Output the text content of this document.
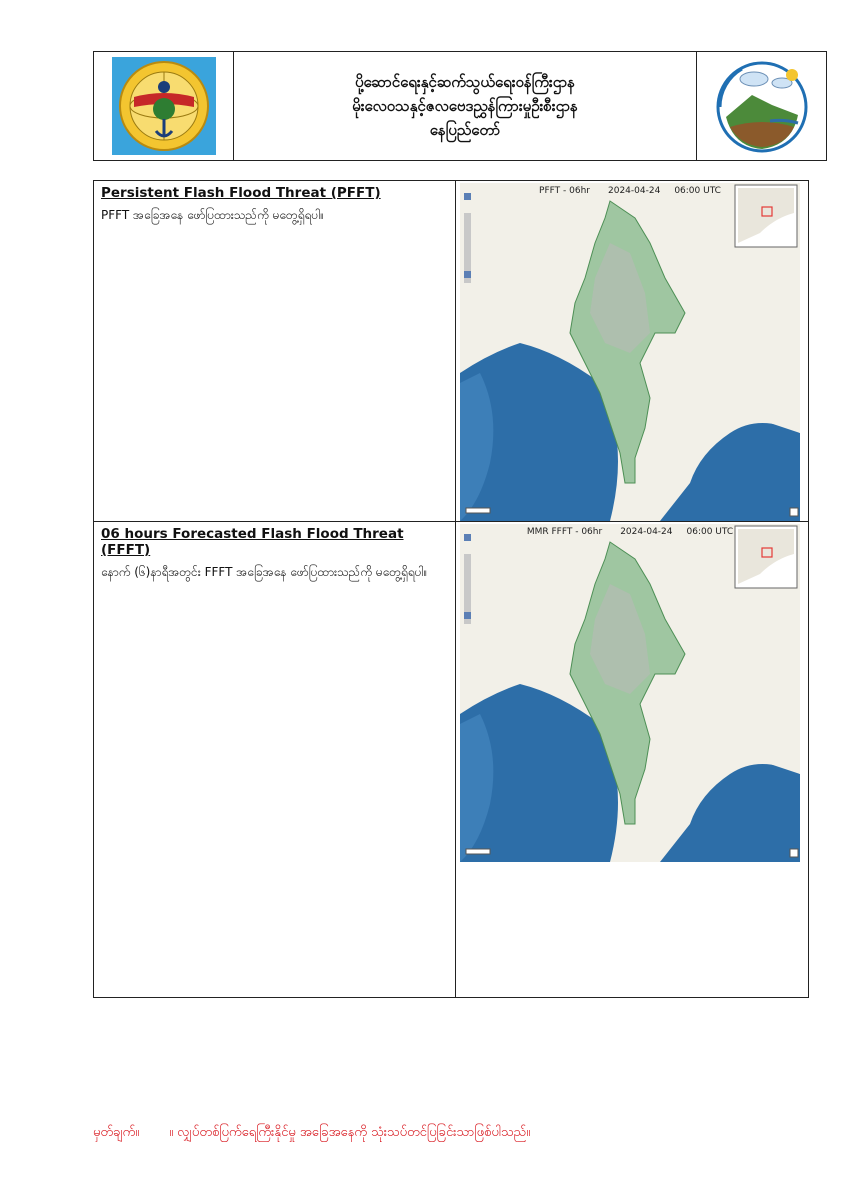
ပို့ဆောင်ရေးနှင့်ဆက်သွယ်ရေးဝန်ကြီးဌာန
မိုးလေဝသနှင့်ဇလဗေဒညွှန်ကြားမှုဦးစီးဌာန
နေပြည်တော်
Persistent Flash Flood Threat (PFFT)
PFFT အခြေအနေ ဖော်ပြထားသည်ကို မတွေ့ရှိရပါ။
PFFT - 06hr 2024-04-24 06:00 UTC
06 hours Forecasted Flash Flood Threat (FFFT)
နောက် (၆)နာရီအတွင်း FFFT အခြေအနေ ဖော်ပြထားသည်ကို မတွေ့ရှိရပါ။
MMR FFFT - 06hr 2024-04-24 06:00 UTC
မှတ်ချက်။ ။ လျှပ်တစ်ပြက်ရေကြီးနိုင်မှု အခြေအနေကို သုံးသပ်တင်ပြခြင်းသာဖြစ်ပါသည်။
